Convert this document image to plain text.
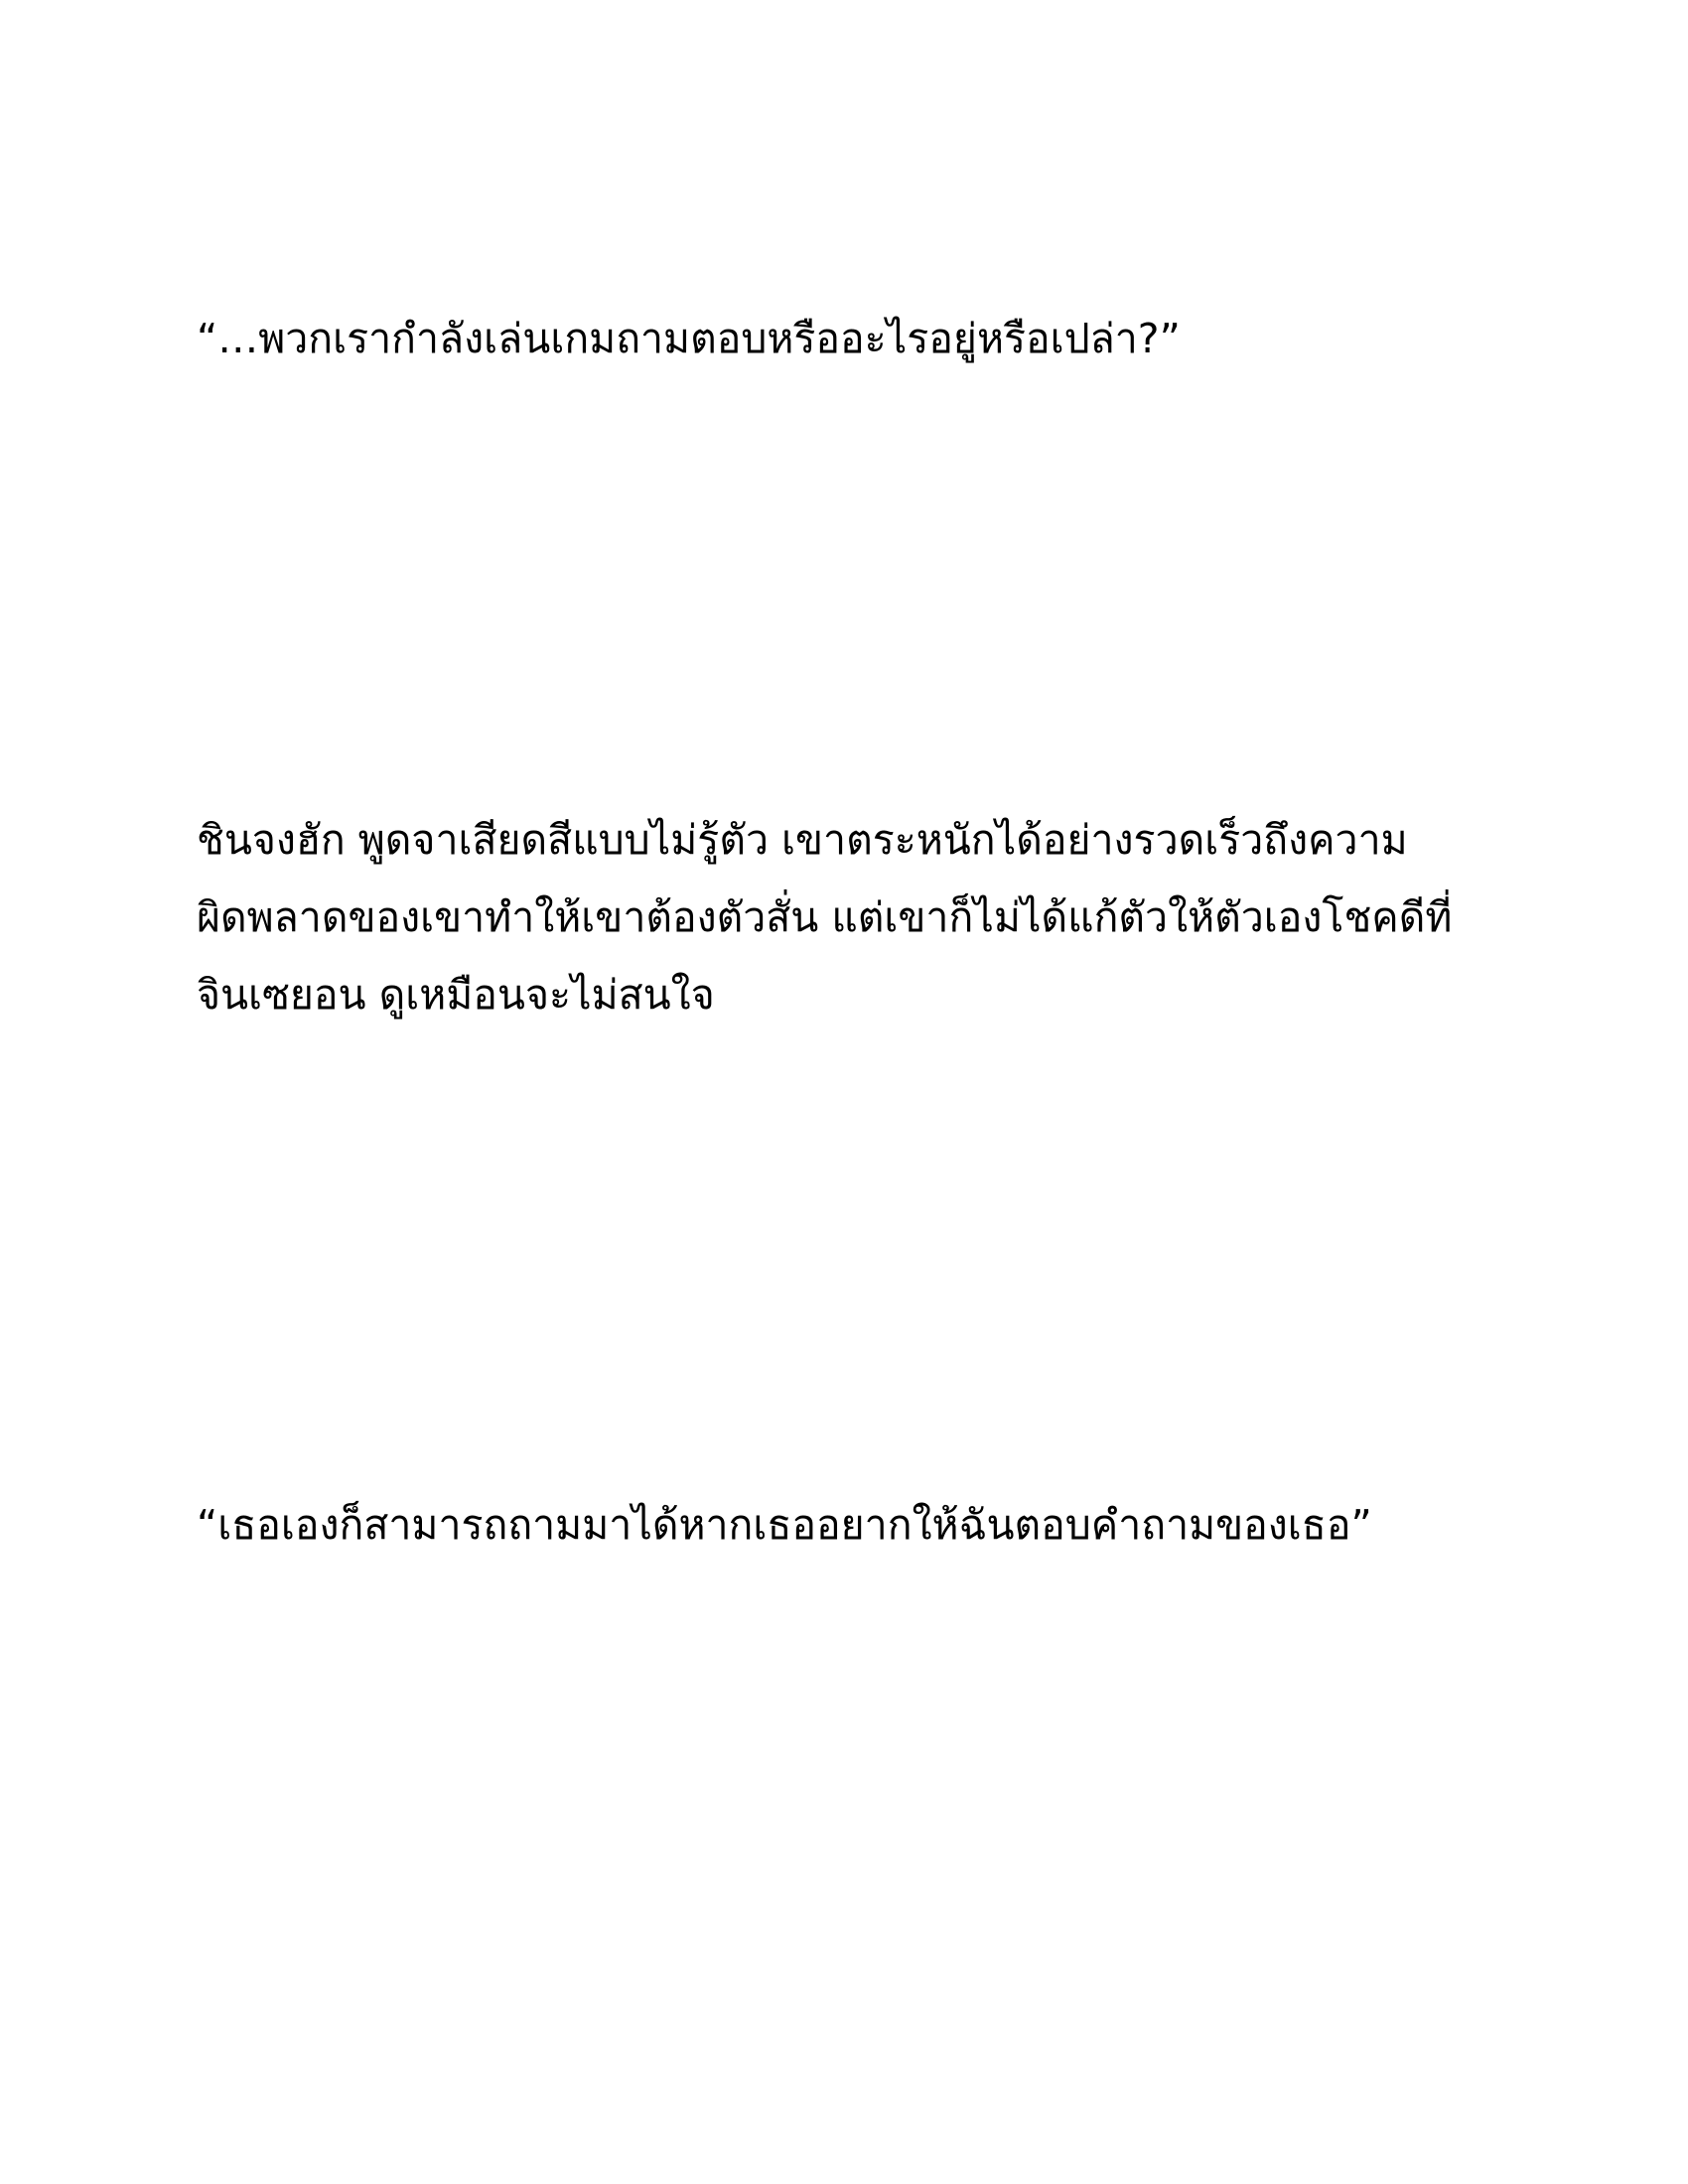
“…พวกเรากำลังเล่นเกมถามตอบหรืออะไรอยู่หรือเปล่า?”

ชินจงฮัก พูดจาเสียดสีแบบไม่รู้ตัว เขาตระหนักได้อย่างรวดเร็วถึงความ
ผิดพลาดของเขาทำให้เขาต้องตัวสั่น แต่เขาก็ไม่ได้แก้ตัวให้ตัวเองโชคดีที่
จินเซยอน ดูเหมือนจะไม่สนใจ

“เธอเองก็สามารถถามมาได้หากเธออยากให้ฉันตอบคำถามของเธอ”
